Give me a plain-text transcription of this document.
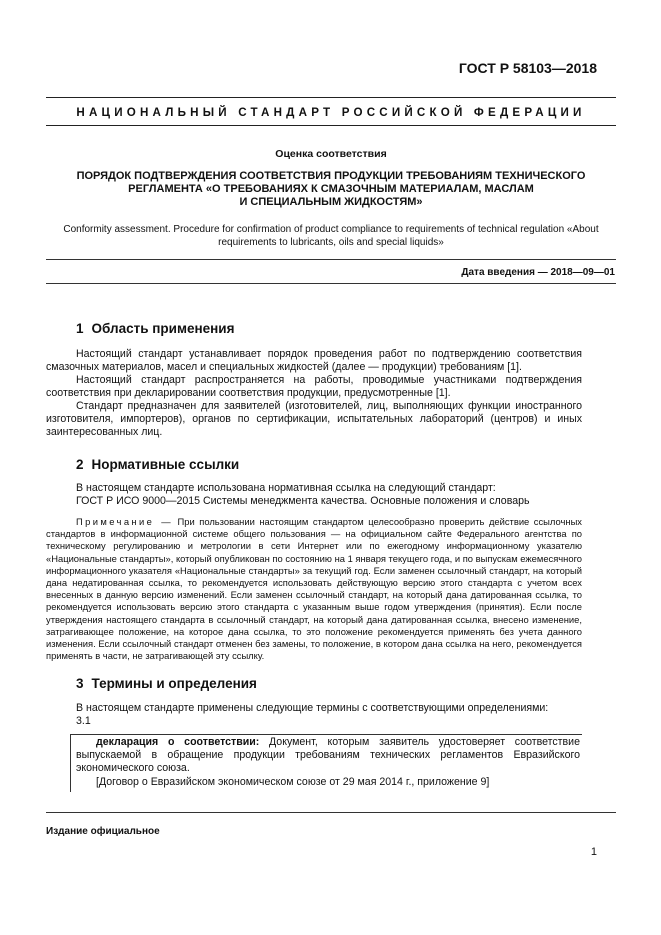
ГОСТ Р 58103—2018
НАЦИОНАЛЬНЫЙ СТАНДАРТ РОССИЙСКОЙ ФЕДЕРАЦИИ
Оценка соответствия
ПОРЯДОК ПОДТВЕРЖДЕНИЯ СООТВЕТСТВИЯ ПРОДУКЦИИ ТРЕБОВАНИЯМ ТЕХНИЧЕСКОГО
РЕГЛАМЕНТА «О ТРЕБОВАНИЯХ К СМАЗОЧНЫМ МАТЕРИАЛАМ, МАСЛАМ
И СПЕЦИАЛЬНЫМ ЖИДКОСТЯМ»
Conformity assessment. Procedure for confirmation of product compliance to requirements of technical regulation «About
requirements to lubricants, oils and special liquids»
Дата введения — 2018—09—01
1 Область применения
Настоящий стандарт устанавливает порядок проведения работ по подтверждению соответствия смазочных материалов, масел и специальных жидкостей (далее — продукции) требованиям [1].
Настоящий стандарт распространяется на работы, проводимые участниками подтверждения соответствия при декларировании соответствия продукции, предусмотренные [1].
Стандарт предназначен для заявителей (изготовителей, лиц, выполняющих функции иностранного изготовителя, импортеров), органов по сертификации, испытательных лабораторий (центров) и иных заинтересованных лиц.
2 Нормативные ссылки
В настоящем стандарте использована нормативная ссылка на следующий стандарт:
ГОСТ Р ИСО 9000—2015 Системы менеджмента качества. Основные положения и словарь
Примечание — При пользовании настоящим стандартом целесообразно проверить действие ссылочных стандартов в информационной системе общего пользования — на официальном сайте Федерального агентства по техническому регулированию и метрологии в сети Интернет или по ежегодному информационному указателю «Национальные стандарты», который опубликован по состоянию на 1 января текущего года, и по выпускам ежемесячного информационного указателя «Национальные стандарты» за текущий год. Если заменен ссылочный стандарт, на который дана недатированная ссылка, то рекомендуется использовать действующую версию этого стандарта с учетом всех внесенных в данную версию изменений. Если заменен ссылочный стандарт, на который дана датированная ссылка, то рекомендуется использовать версию этого стандарта с указанным выше годом утверждения (принятия). Если после утверждения настоящего стандарта в ссылочный стандарт, на который дана датированная ссылка, внесено изменение, затрагивающее положение, на которое дана ссылка, то это положение рекомендуется применять без учета данного изменения. Если ссылочный стандарт отменен без замены, то положение, в котором дана ссылка на него, рекомендуется применять в части, не затрагивающей эту ссылку.
3 Термины и определения
В настоящем стандарте применены следующие термины с соответствующими определениями:
3.1
декларация о соответствии: Документ, которым заявитель удостоверяет соответствие выпускаемой в обращение продукции требованиям технических регламентов Евразийского экономического союза.
[Договор о Евразийском экономическом союзе от 29 мая 2014 г., приложение 9]
Издание официальное
1
